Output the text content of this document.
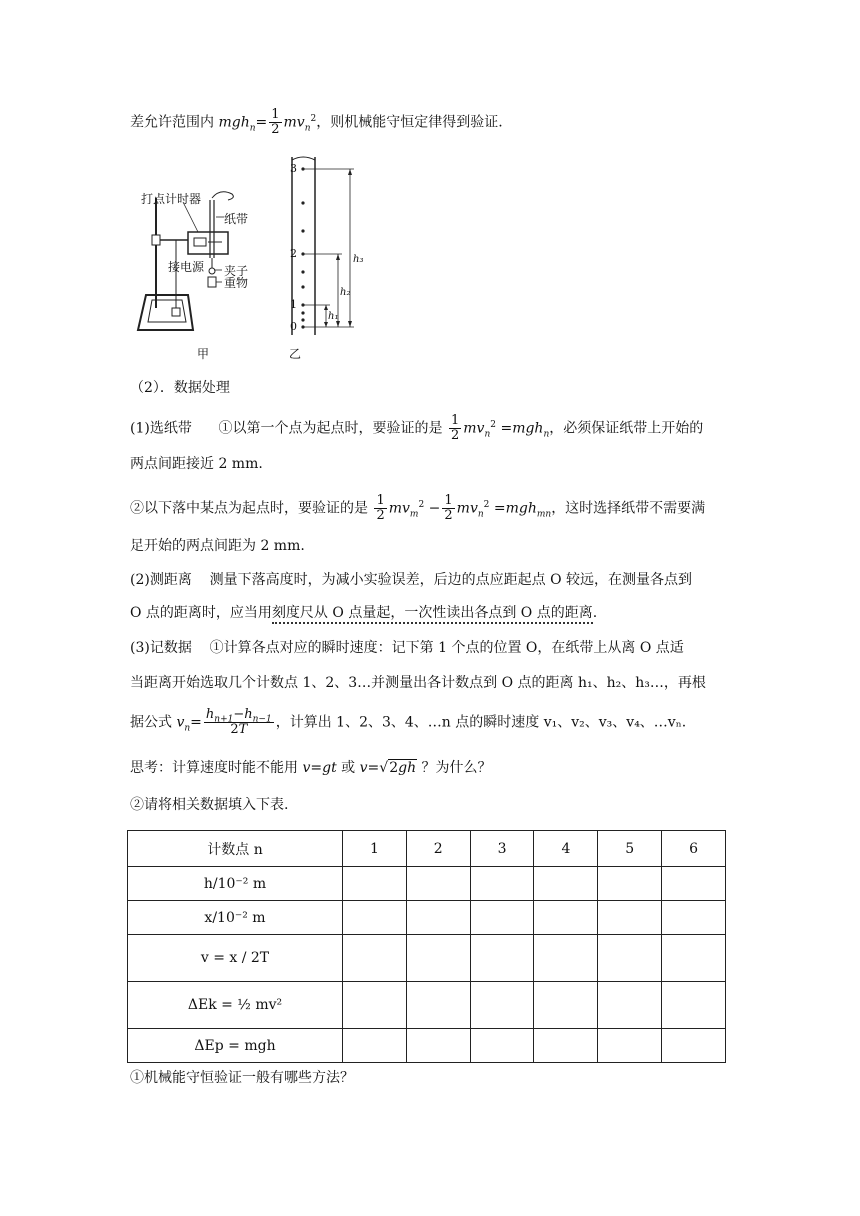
差允许范围内 $mgh_n= \frac{1}{2} mv_n^2$，则机械能守恒定律得到验证.
打点计时器
纸带
接电源 夹子
重物
甲
3
2
1
0
h₃
h₂
h₁
乙
（2）．数据处理
(1)选纸带 ①以第一个点为起点时，要验证的是 $\frac{1}{2} mv_n^2 =mgh_n$，必须保证纸带上开始的
两点间距接近 2 mm.
②以下落中某点为起点时，要验证的是 $\frac{1}{2} mv_m^2 - \frac{1}{2} mv_n^2 =mgh_{mn}$，这时选择纸带不需要满
足开始的两点间距为 2 mm.
(2)测距离 测量下落高度时，为减小实验误差，后边的点应距起点 O 较远，在测量各点到
O 点的距离时，应当用刻度尺从 O 点量起，一次性读出各点到 O 点的距离.
(3)记数据 ①计算各点对应的瞬时速度：记下第 1 个点的位置 O，在纸带上从离 O 点适
当距离开始选取几个计数点 1、2、3…并测量出各计数点到 O 点的距离 h₁、h₂、h₃…，再根
据公式 $v_n= \frac{h_{n+1}-h_{n-1}}{2T}$ ，计算出 1、2、3、4、…n 点的瞬时速度 v₁、v₂、v₃、v₄、…vₙ.
思考：计算速度时能不能用 v=gt 或 v=√2gh ？为什么？
②请将相关数据填入下表.
计数点 n	1	2	3	4	5	6
h/10⁻² m						
x/10⁻² m						
v = x / 2T						
ΔEk = ½ mv²						
ΔEp = mgh						
①机械能守恒验证一般有哪些方法？
